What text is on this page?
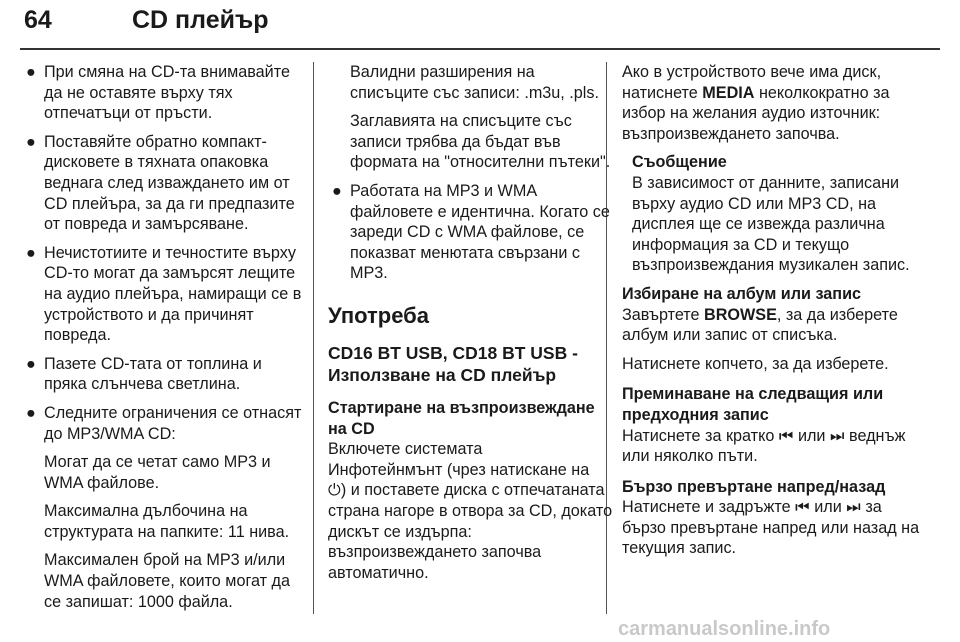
64	CD плейър
● При смяна на CD-та внимавайте да не оставяте върху тях отпечатъци от пръсти.
● Поставяйте обратно компакт-дисковете в тяхната опаковка веднага след изваждането им от CD плейъра, за да ги предпазите от повреда и замърсяване.
● Нечистотиите и течностите върху CD-то могат да замърсят лещите на аудио плейъра, намиращи се в устройството и да причинят повреда.
● Пазете CD-тата от топлина и пряка слънчева светлина.
● Следните ограничения се отнасят до MP3/WMA CD:
Могат да се четат само MP3 и WMA файлове.
Максимална дълбочина на структурата на папките: 11 нива.
Максимален брой на MP3 и/или WMA файловете, които могат да се запишат: 1000 файла.
Валидни разширения на списъците със записи: .m3u, .pls.
Заглавията на списъците със записи трябва да бъдат във формата на "относителни пътеки".
● Работата на MP3 и WMA файловете е идентична. Когато се зареди CD с WMA файлове, се показват менютата свързани с MP3.
Употреба
CD16 BT USB, CD18 BT USB - Използване на CD плейър
Стартиране на възпроизвеждане на CD
Включете системата
Инфотейнмънт (чрез натискане на
⏻) и поставете диска с отпечатаната страна нагоре в отвора за CD, докато дискът се издърпа: възпроизвеждането започва автоматично.
Ако в устройството вече има диск, натиснете MEDIA неколкократно за избор на желания аудио източник: възпроизвеждането започва.
Съобщение
В зависимост от данните, записани върху аудио CD или MP3 CD, на дисплея ще се извежда различна информация за CD и текущо възпроизвеждания музикален запис.
Избиране на албум или запис
Завъртете BROWSE, за да изберете албум или запис от списъка.
Натиснете копчето, за да изберете.
Преминаване на следващия или предходния запис
Натиснете за кратко ⏮ или ⏭ веднъж или няколко пъти.
Бързо превъртане напред/назад
Натиснете и задръжте ⏮ или ⏭ за бързо превъртане напред или назад на текущия запис.
carmanualsonline.info
